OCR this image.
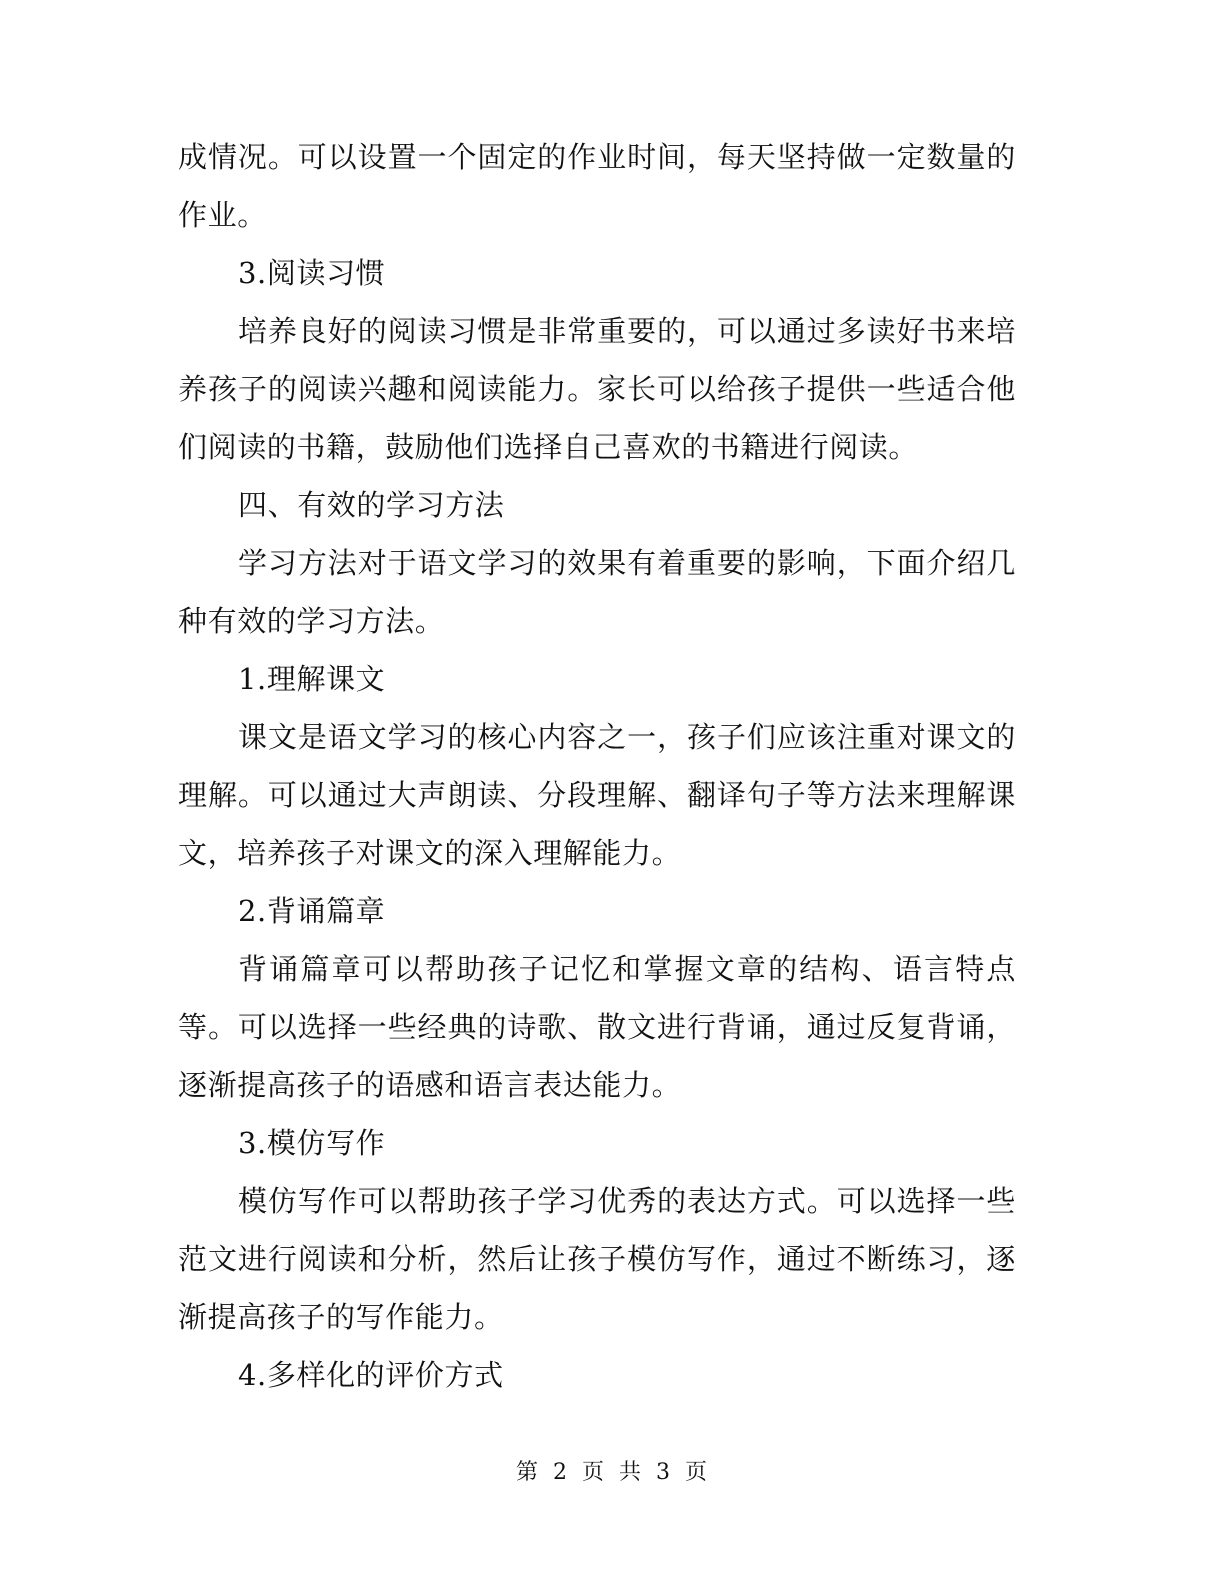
成情况。可以设置一个固定的作业时间，每天坚持做一定数量的作业。

3.阅读习惯

培养良好的阅读习惯是非常重要的，可以通过多读好书来培养孩子的阅读兴趣和阅读能力。家长可以给孩子提供一些适合他们阅读的书籍，鼓励他们选择自己喜欢的书籍进行阅读。

四、有效的学习方法

学习方法对于语文学习的效果有着重要的影响，下面介绍几种有效的学习方法。

1.理解课文

课文是语文学习的核心内容之一，孩子们应该注重对课文的理解。可以通过大声朗读、分段理解、翻译句子等方法来理解课文，培养孩子对课文的深入理解能力。

2.背诵篇章

背诵篇章可以帮助孩子记忆和掌握文章的结构、语言特点等。可以选择一些经典的诗歌、散文进行背诵，通过反复背诵，逐渐提高孩子的语感和语言表达能力。

3.模仿写作

模仿写作可以帮助孩子学习优秀的表达方式。可以选择一些范文进行阅读和分析，然后让孩子模仿写作，通过不断练习，逐渐提高孩子的写作能力。

4.多样化的评价方式

第 2 页 共 3 页
